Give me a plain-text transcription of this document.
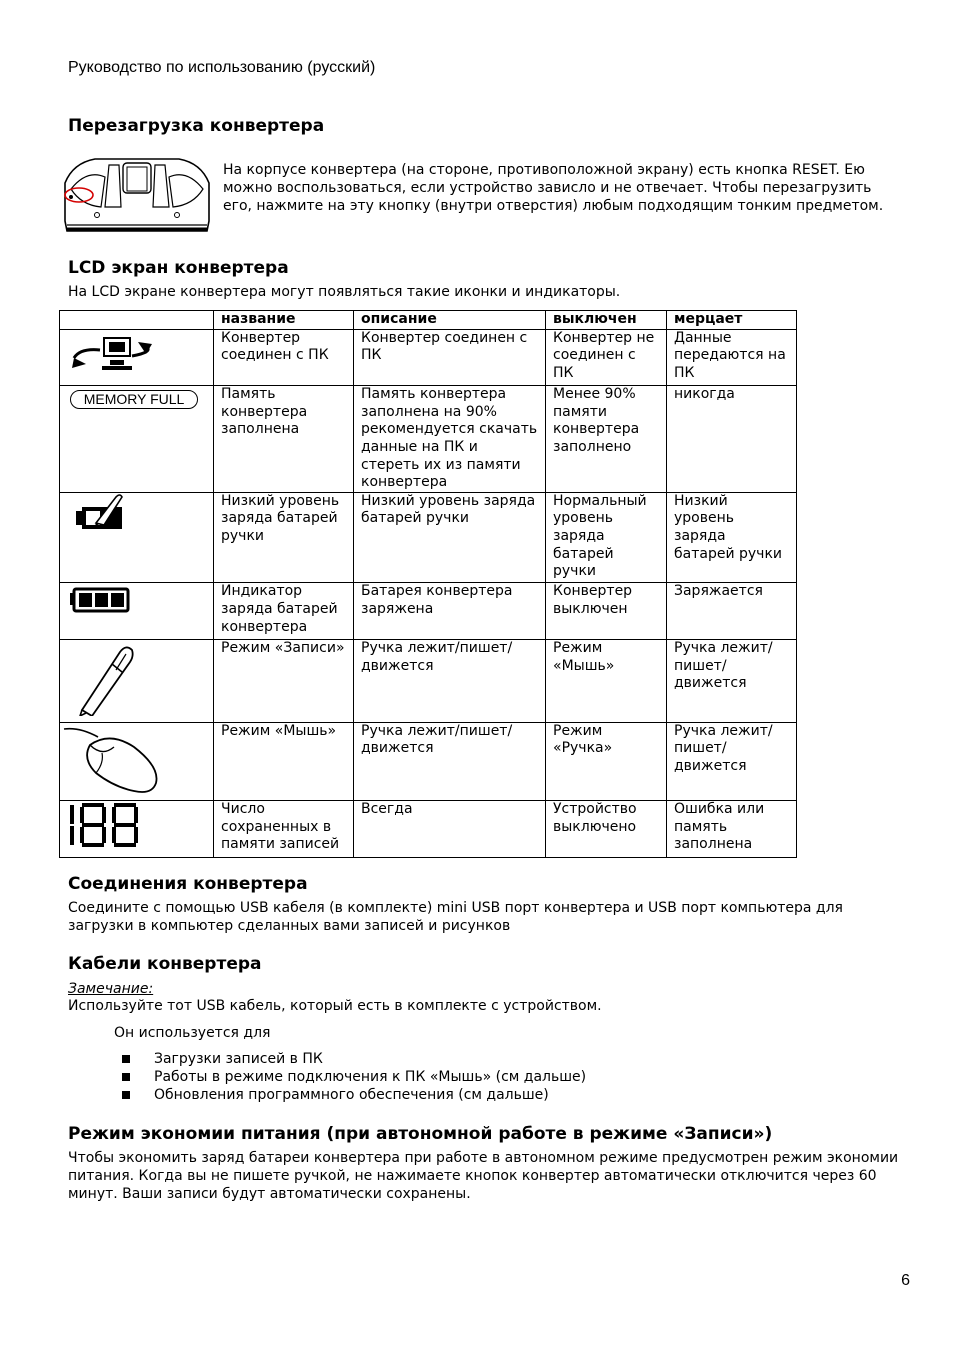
Руководство по использованию (русский)
Перезагрузка конвертера
На корпусе конвертера (на стороне, противоположной экрану) есть кнопка RESET. Ею
можно воспользоваться, если устройство зависло и не отвечает. Чтобы перезагрузить
его, нажмите на эту кнопку (внутри отверстия) любым подходящим тонким предметом.
LCD экран конвертера
На LCD экране конвертера могут появляться такие иконки и индикаторы.
	название	описание	выключен	мерцает
	Конвертер соединен с ПК	Конвертер соединен с ПК	Конвертер не соединен с ПК	Данные передаются на ПК

MEMORY FULL	Память конвертера заполнена	Память конвертера заполнена на 90% рекомендуется скачать данные на ПК и стереть их из памяти конвертера	Менее 90% памяти конвертера заполнено	никогда
	Низкий уровень заряда батарей ручки	Низкий уровень заряда батарей ручки	Нормальный уровень заряда батарей ручки	Низкий уровень заряда батарей ручки
	Индикатор заряда батарей конвертера	Батарея конвертера заряжена	Конвертер выключен	Заряжается
	Режим «Записи»	Ручка лежит/пишет/движется	Режим «Мышь»	Ручка лежит/пишет/ движется
	Режим «Мышь»	Ручка лежит/пишет/движется	Режим «Ручка»	Ручка лежит/пишет/ движется
	Число сохраненных в памяти записей	Всегда	Устройство выключено	Ошибка или память заполнена
Соединения конвертера
Соедините с помощью USB кабеля (в комплекте) mini USB порт конвертера и USB порт компьютера для
загрузки в компьютер сделанных вами записей и рисунков
Кабели конвертера
Замечание:
Используйте тот USB кабель, который есть в комплекте с устройством.
Он используется для
Загрузки записей в ПК
Работы в режиме подключения к ПК «Мышь» (см дальше)
Обновления программного обеспечения (см дальше)
Режим экономии питания (при автономной работе в режиме «Записи»)
Чтобы экономить заряд батареи конвертера при работе в автономном режиме предусмотрен режим экономии
питания. Когда вы не пишете ручкой, не нажимаете кнопок конвертер автоматически отключится через 60
минут. Ваши записи будут автоматически сохранены.
6
